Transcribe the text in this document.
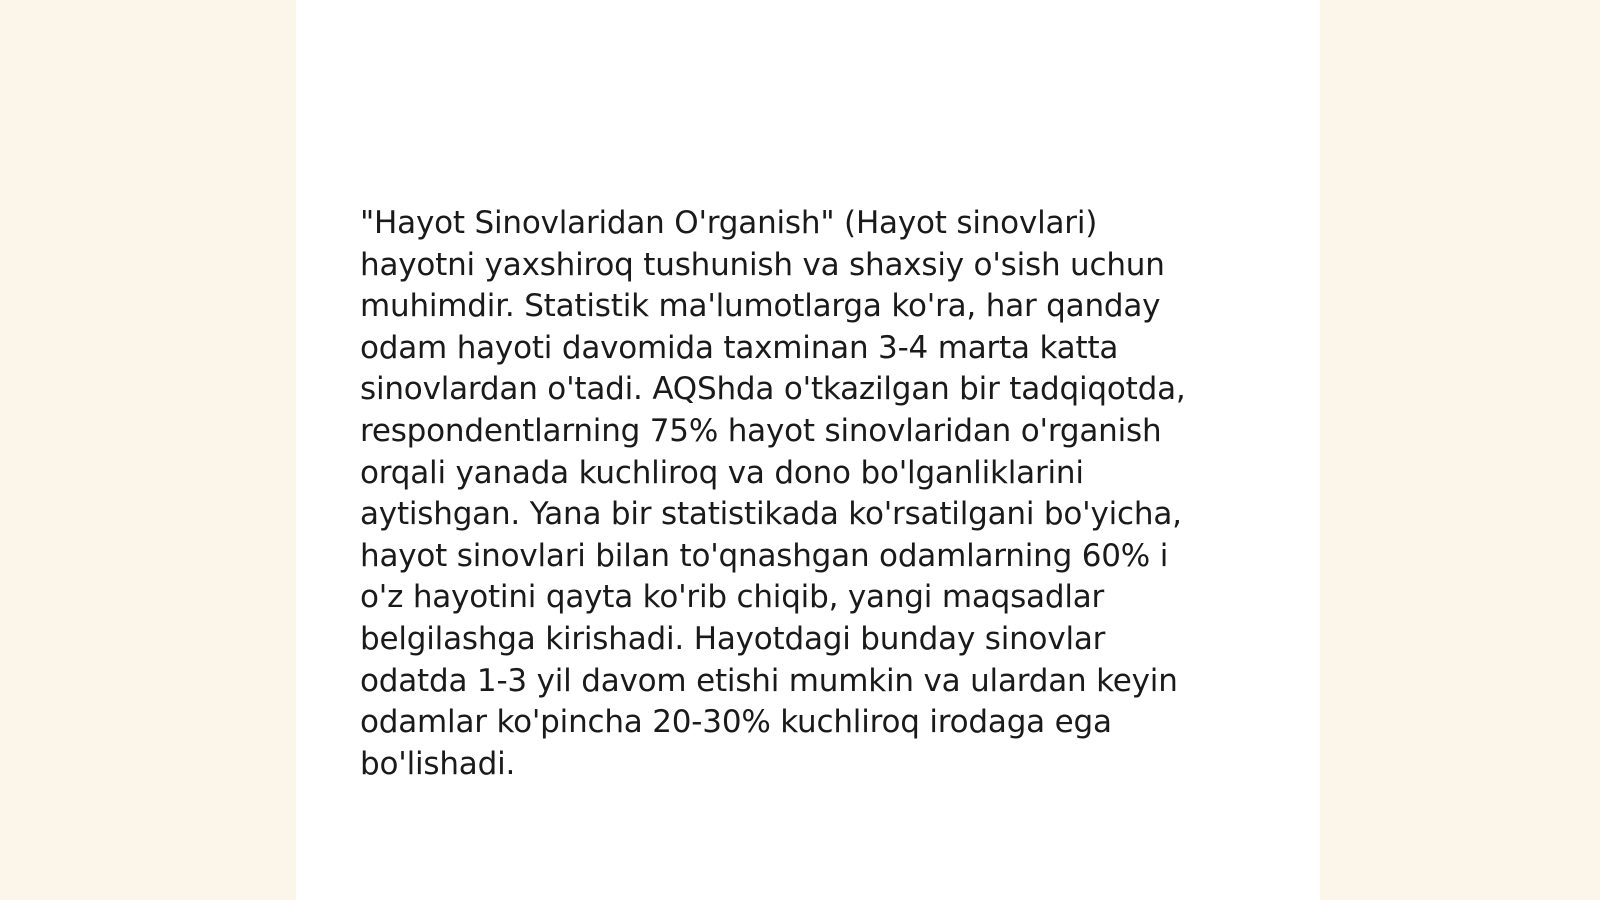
"Hayot Sinovlaridan O'rganish" (Hayot sinovlari)
hayotni yaxshiroq tushunish va shaxsiy o'sish uchun
muhimdir. Statistik ma'lumotlarga ko'ra, har qanday
odam hayoti davomida taxminan 3-4 marta katta
sinovlardan o'tadi. AQShda o'tkazilgan bir tadqiqotda,
respondentlarning 75% hayot sinovlaridan o'rganish
orqali yanada kuchliroq va dono bo'lganliklarini
aytishgan. Yana bir statistikada ko'rsatilgani bo'yicha,
hayot sinovlari bilan to'qnashgan odamlarning 60% i
o'z hayotini qayta ko'rib chiqib, yangi maqsadlar
belgilashga kirishadi. Hayotdagi bunday sinovlar
odatda 1-3 yil davom etishi mumkin va ulardan keyin
odamlar ko'pincha 20-30% kuchliroq irodaga ega
bo'lishadi.
